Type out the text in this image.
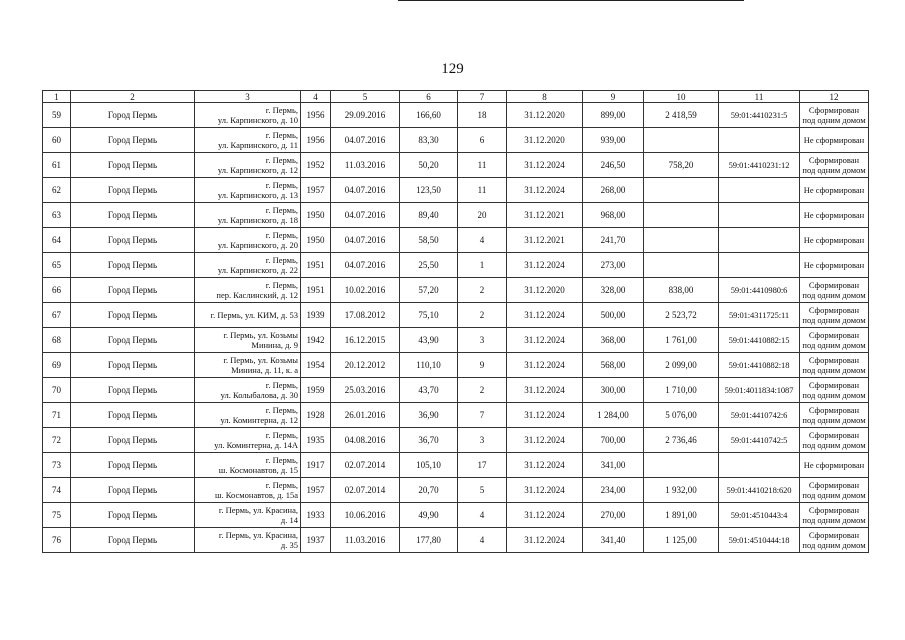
129
1	2	3	4	5	6	7	8	9	10	11	12
59	Город Пермь	г. Пермь,
ул. Карпинского, д. 10	1956	29.09.2016	166,60	18	31.12.2020	899,00	2 418,59	59:01:4410231:5	Сформирован
под одним домом

60	Город Пермь	г. Пермь,
ул. Карпинского, д. 11	1956	04.07.2016	83,30	6	31.12.2020	939,00			Не сформирован

61	Город Пермь	г. Пермь,
ул. Карпинского, д. 12	1952	11.03.2016	50,20	11	31.12.2024	246,50	758,20	59:01:4410231:12	Сформирован
под одним домом

62	Город Пермь	г. Пермь,
ул. Карпинского, д. 13	1957	04.07.2016	123,50	11	31.12.2024	268,00			Не сформирован

63	Город Пермь	г. Пермь,
ул. Карпинского, д. 18	1950	04.07.2016	89,40	20	31.12.2021	968,00			Не сформирован

64	Город Пермь	г. Пермь,
ул. Карпинского, д. 20	1950	04.07.2016	58,50	4	31.12.2021	241,70			Не сформирован

65	Город Пермь	г. Пермь,
ул. Карпинского, д. 22	1951	04.07.2016	25,50	1	31.12.2024	273,00			Не сформирован

66	Город Пермь	г. Пермь,
пер. Каслинский, д. 12	1951	10.02.2016	57,20	2	31.12.2020	328,00	838,00	59:01:4410980:6	Сформирован
под одним домом

67	Город Пермь	г. Пермь, ул. КИМ, д. 53	1939	17.08.2012	75,10	2	31.12.2024	500,00	2 523,72	59:01:4311725:11	Сформирован
под одним домом

68	Город Пермь	г. Пермь, ул. Козьмы
Минина, д. 9	1942	16.12.2015	43,90	3	31.12.2024	368,00	1 761,00	59:01:4410882:15	Сформирован
под одним домом

69	Город Пермь	г. Пермь, ул. Козьмы
Минина, д. 11, к. а	1954	20.12.2012	110,10	9	31.12.2024	568,00	2 099,00	59:01:4410882:18	Сформирован
под одним домом

70	Город Пермь	г. Пермь,
ул. Колыбалова, д. 30	1959	25.03.2016	43,70	2	31.12.2024	300,00	1 710,00	59:01:4011834:1087	Сформирован
под одним домом

71	Город Пермь	г. Пермь,
ул. Коминтерна, д. 12	1928	26.01.2016	36,90	7	31.12.2024	1 284,00	5 076,00	59:01:4410742:6	Сформирован
под одним домом

72	Город Пермь	г. Пермь,
ул. Коминтерна, д. 14А	1935	04.08.2016	36,70	3	31.12.2024	700,00	2 736,46	59:01:4410742:5	Сформирован
под одним домом

73	Город Пермь	г. Пермь,
ш. Космонавтов, д. 15	1917	02.07.2014	105,10	17	31.12.2024	341,00			Не сформирован

74	Город Пермь	г. Пермь,
ш. Космонавтов, д. 15а	1957	02.07.2014	20,70	5	31.12.2024	234,00	1 932,00	59:01:4410218:620	Сформирован
под одним домом

75	Город Пермь	г. Пермь, ул. Красина,
д. 14	1933	10.06.2016	49,90	4	31.12.2024	270,00	1 891,00	59:01:4510443:4	Сформирован
под одним домом

76	Город Пермь	г. Пермь, ул. Красина,
д. 35	1937	11.03.2016	177,80	4	31.12.2024	341,40	1 125,00	59:01:4510444:18	Сформирован
под одним домом
